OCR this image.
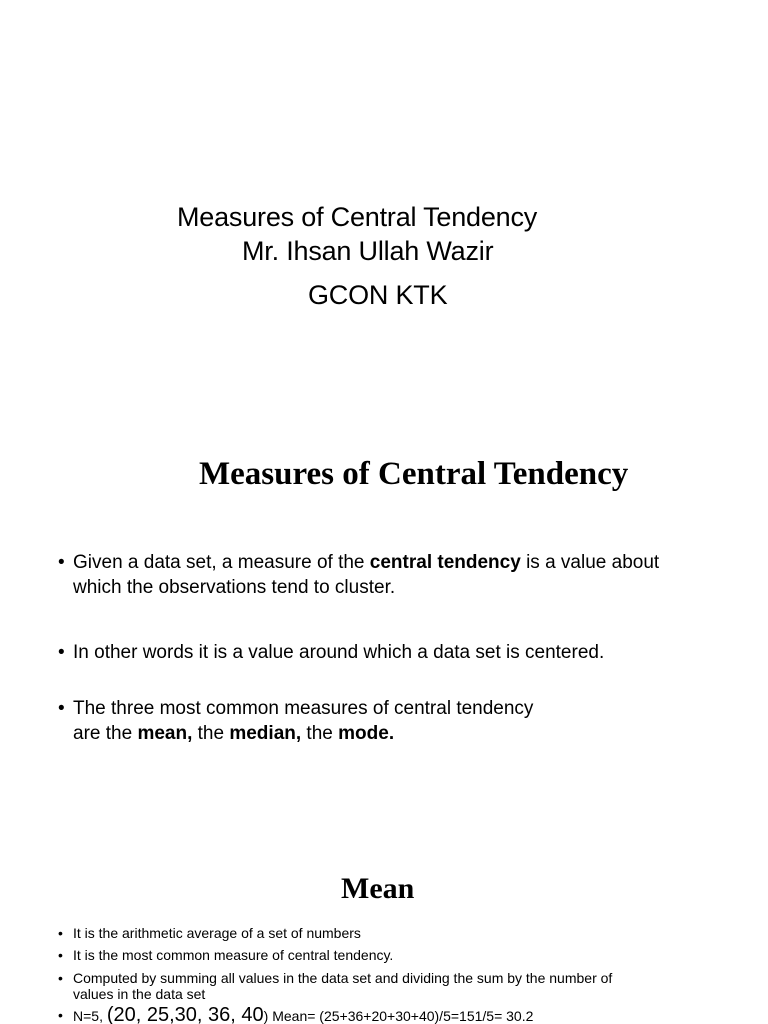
Measures of Central Tendency
Mr. Ihsan Ullah Wazir
GCON KTK
Measures of Central Tendency
• Given a data set, a measure of the central tendency is a value about
which the observations tend to cluster.
• In other words it is a value around which a data set is centered.
• The three most common measures of central tendency
are the mean, the median, the mode.
Mean
• It is the arithmetic average of a set of numbers
• It is the most common measure of central tendency.
• Computed by summing all values in the data set and dividing the sum by the number of
values in the data set
• N=5, (20, 25,30, 36, 40) Mean= (25+36+20+30+40)/5=151/5= 30.2
